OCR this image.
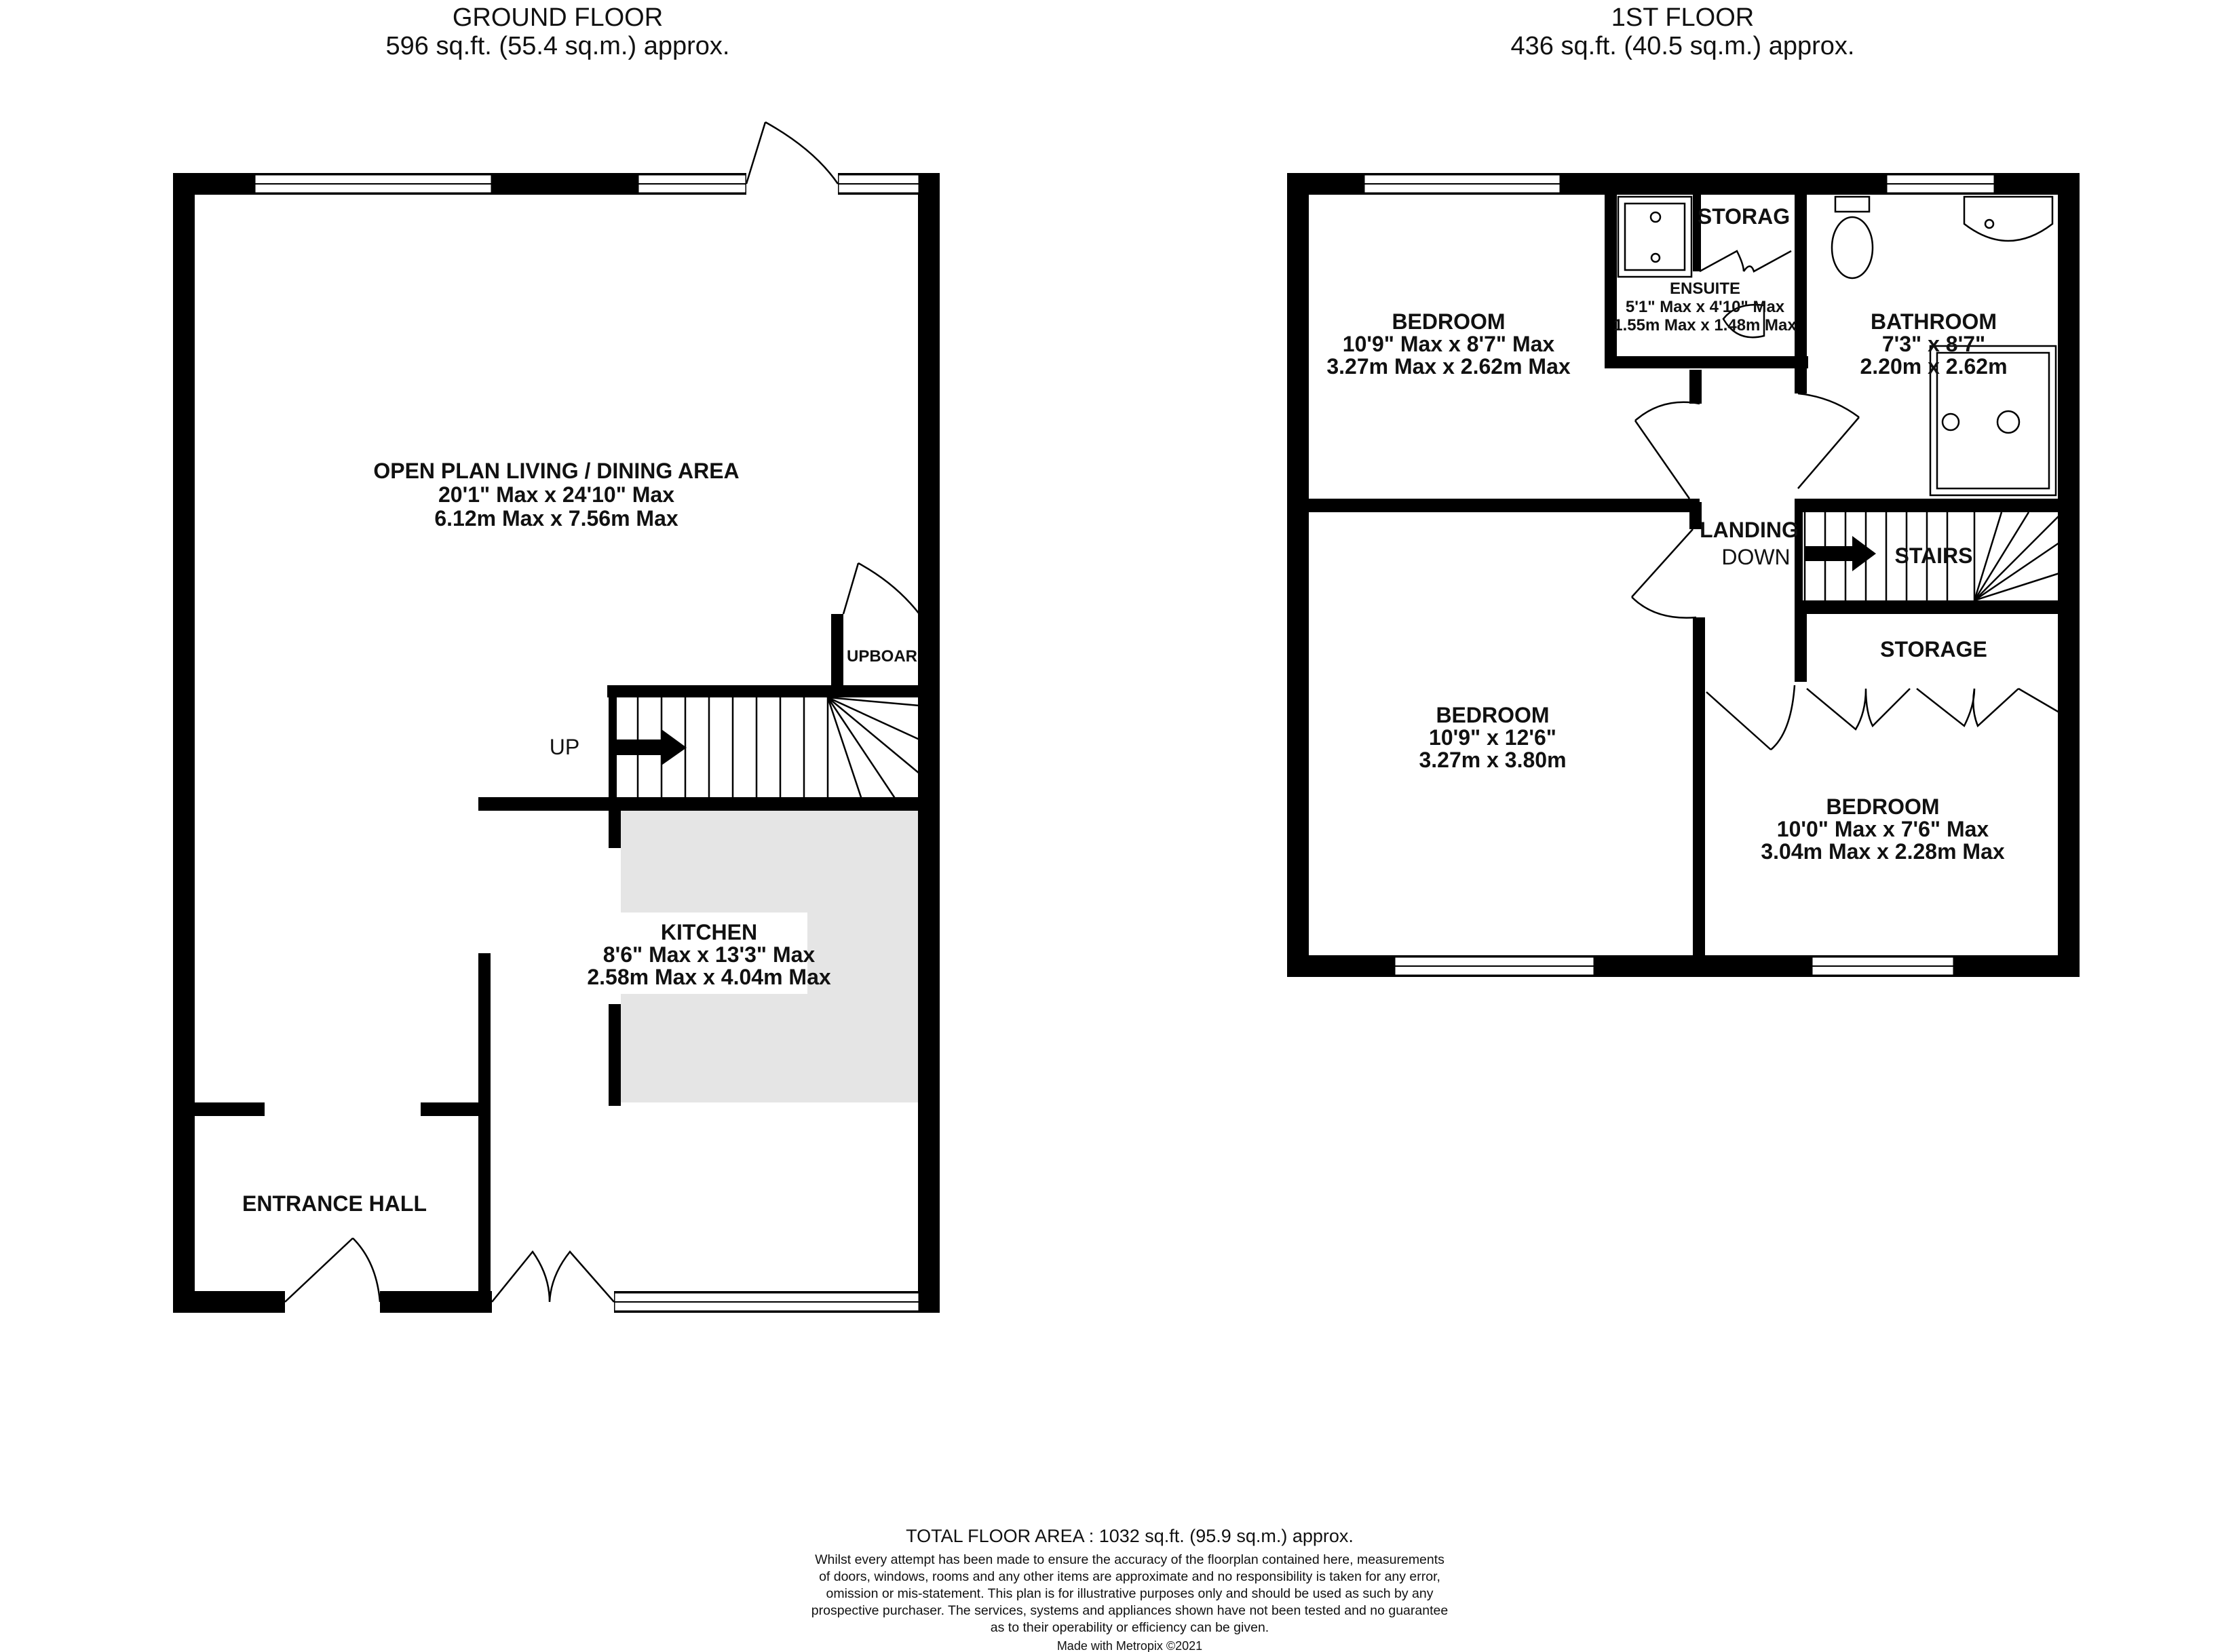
GROUND FLOOR
596 sq.ft. (55.4 sq.m.) approx.
OPEN PLAN LIVING / DINING AREA
20'1" Max x 24'10" Max
6.12m Max x 7.56m Max
KITCHEN
8'6" Max x 13'3" Max
2.58m Max x 4.04m Max
ENTRANCE HALL
UPBOAR
UP
1ST FLOOR
436 sq.ft. (40.5 sq.m.) approx.
BEDROOM
10'9" Max x 8'7" Max
3.27m Max x 2.62m Max
ENSUITE
5'1" Max x 4'10" Max
1.55m Max x 1.48m Max
STORAG
BATHROOM
7'3" x 8'7"
2.20m x 2.62m
LANDING
DOWN	STAIRS
BEDROOM
10'9" x 12'6"
3.27m x 3.80m
STORAGE
BEDROOM
10'0" Max x 7'6" Max
3.04m Max x 2.28m Max
TOTAL FLOOR AREA : 1032 sq.ft. (95.9 sq.m.) approx.
Whilst every attempt has been made to ensure the accuracy of the floorplan contained here, measurements
of doors, windows, rooms and any other items are approximate and no responsibility is taken for any error,
omission or mis-statement. This plan is for illustrative purposes only and should be used as such by any
prospective purchaser. The services, systems and appliances shown have not been tested and no guarantee
as to their operability or efficiency can be given.
Made with Metropix ©2021
